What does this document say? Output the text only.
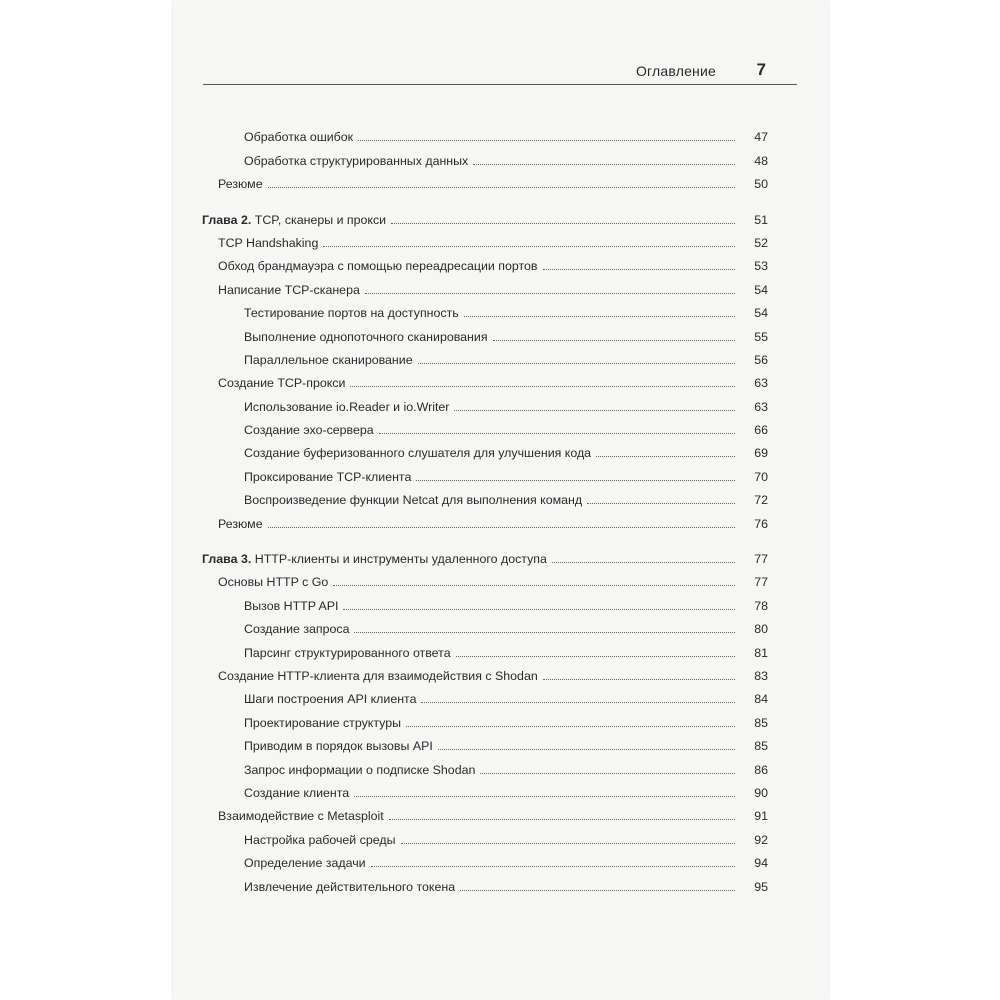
Оглавление 7
Обработка ошибок	47
Обработка структурированных данных	48
Резюме	50
Глава 2. TCP, сканеры и прокси	51
TCP Handshaking	52
Обход брандмауэра с помощью переадресации портов	53
Написание TCP-сканера	54
Тестирование портов на доступность	54
Выполнение однопоточного сканирования	55
Параллельное сканирование	56
Создание TCP-прокси	63
Использование io.Reader и io.Writer	63
Создание эхо-сервера	66
Создание буферизованного слушателя для улучшения кода	69
Проксирование TCP-клиента	70
Воспроизведение функции Netcat для выполнения команд	72
Резюме	76
Глава 3. HTTP-клиенты и инструменты удаленного доступа	77
Основы HTTP с Go	77
Вызов HTTP API	78
Создание запроса	80
Парсинг структурированного ответа	81
Создание HTTP-клиента для взаимодействия с Shodan	83
Шаги построения API клиента	84
Проектирование структуры	85
Приводим в порядок вызовы API	85
Запрос информации о подписке Shodan	86
Создание клиента	90
Взаимодействие с Metasploit	91
Настройка рабочей среды	92
Определение задачи	94
Извлечение действительного токена	95
